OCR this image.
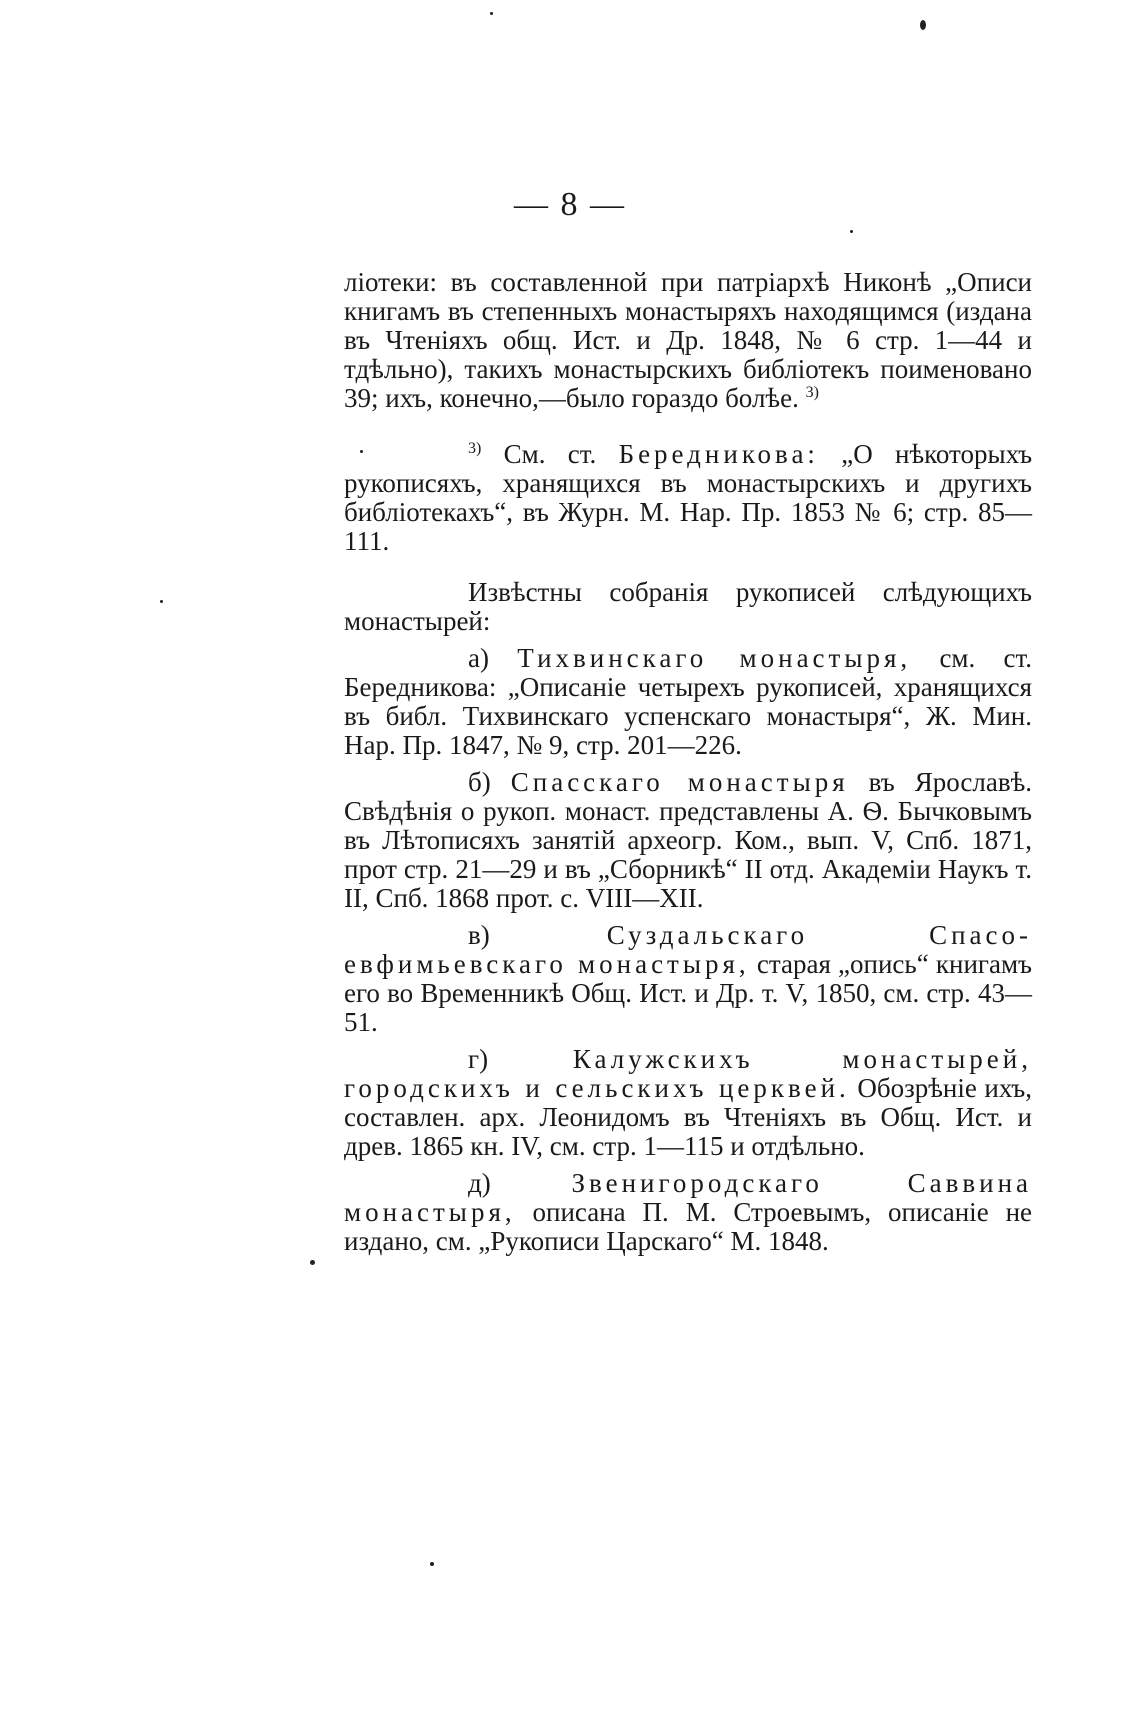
— 8 —

ліотеки: въ составленной при патріархѣ Никонѣ „Описи книгамъ въ степенныхъ монастыряхъ находящимся (издана въ Чтеніяхъ общ. Ист. и Др. 1848, № 6 стр. 1—44 и тдѣльно), такихъ монастырскихъ библіотекъ поименовано 39; ихъ, конечно,—было гораздо болѣе. $^{3)}$

$^{3)}$ См. ст. Бередникова: „О нѣкоторыхъ рукописяхъ, хранящихся въ монастырскихъ и другихъ библіотекахъ“, въ Журн. М. Нар. Пр. 1853 № 6; стр. 85—111.

Извѣстны собранія рукописей слѣдующихъ монастырей:

а) Тихвинскаго монастыря, см. ст. Бередникова: „Описаніе четырехъ рукописей, хранящихся въ библ. Тихвинскаго успенскаго монастыря“, Ж. Мин. Нар. Пр. 1847, № 9, стр. 201—226.

б) Спасскаго монастыря въ Ярославѣ. Свѣдѣнія о рукоп. монаст. представлены А. Ѳ. Бычковымъ въ Лѣтописяхъ занятій археогр. Ком., вып. V, Спб. 1871, прот стр. 21—29 и въ „Сборникѣ“ II отд. Академіи Наукъ т. II, Спб. 1868 прот. с. VIII—XII.

в)	Суздальскаго Спасо-евфимьевскаго монастыря, старая „опись“ книгамъ его во Временникѣ Общ. Ист. и Др. т. V, 1850, см. стр. 43—51.

г)	Калужскихъ монастырей, городскихъ и сельскихъ церквей. Обозрѣніе ихъ, составлен. арх. Леонидомъ въ Чтеніяхъ въ Общ. Ист. и древ. 1865 кн. IV, см. стр. 1—115 и отдѣльно.

д)	Звенигородскаго Саввина монастыря, описана П. М. Строевымъ, описаніе не издано, см. „Рукописи Царскаго“ М. 1848.
